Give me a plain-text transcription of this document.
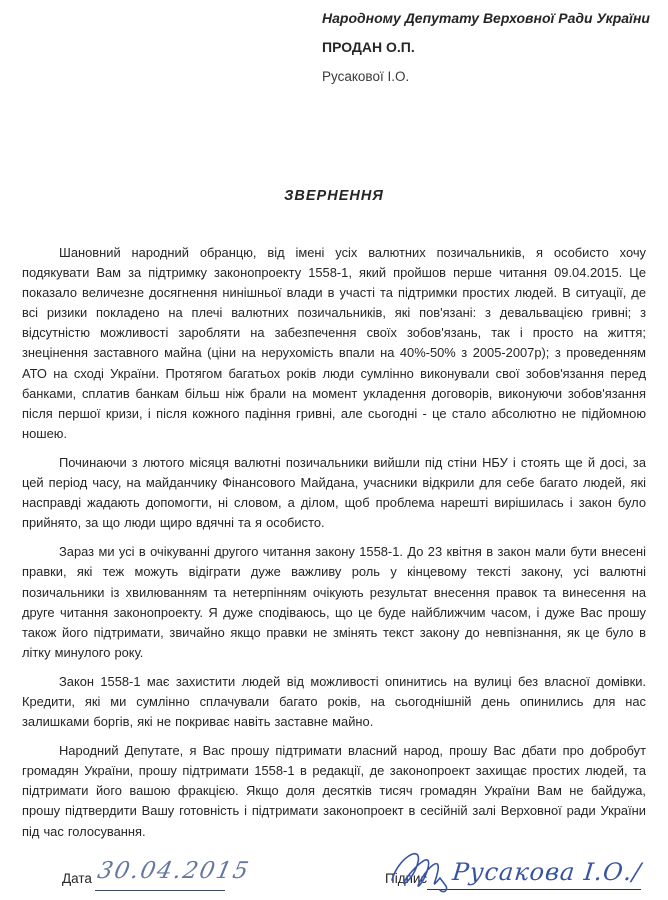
Народному Депутату Верховної Ради України
ПРОДАН О.П.
Русакової І.О.
ЗВЕРНЕННЯ

Шановний народний обранцю, від імені усіх валютних позичальників, я особисто хочу подякувати Вам за підтримку законопроекту 1558-1, який пройшов перше читання 09.04.2015. Це показало величезне досягнення нинішньої влади в участі та підтримки простих людей. В ситуації, де всі ризики покладено на плечі валютних позичальників, які пов'язані: з девальвацією гривні; з відсутністю можливості заробляти на забезпечення своїх зобов'язань, так і просто на життя; знецінення заставного майна (ціни на нерухомість впали на 40%-50% з 2005-2007р); з проведенням АТО на сході України. Протягом багатьох років люди сумлінно виконували свої зобов'язання перед банками, сплатив банкам більш ніж брали на момент укладення договорів, виконуючи зобов'язання після першої кризи, і після кожного падіння гривні, але сьогодні - це стало абсолютно не підйомною ношею.

Починаючи з лютого місяця валютні позичальники вийшли під стіни НБУ і стоять ще й досі, за цей період часу, на майданчику Фінансового Майдана, учасники відкрили для себе багато людей, які насправді жадають допомогти, ні словом, а ділом, щоб проблема нарешті вирішилась і закон було прийнято, за що люди щиро вдячні та я особисто.

Зараз ми усі в очікуванні другого читання закону 1558-1. До 23 квітня в закон мали бути внесені правки, які теж можуть відіграти дуже важливу роль у кінцевому тексті закону, усі валютні позичальники із хвилюванням та нетерпінням очікують результат внесення правок та винесення на друге читання законопроекту. Я дуже сподіваюсь, що це буде найближчим часом, і дуже Вас прошу також його підтримати, звичайно якщо правки не змінять текст закону до невпізнання, як це було в літку минулого року.

Закон 1558-1 має захистити людей від можливості опинитись на вулиці без власної домівки. Кредити, які ми сумлінно сплачували багато років, на сьогоднішній день опинились для нас залишками боргів, які не покриває навіть заставне майно.

Народний Депутате, я Вас прошу підтримати власний народ, прошу Вас дбати про добробут громадян України, прошу підтримати 1558-1 в редакції, де законопроект захищає простих людей, та підтримати його вашою фракцією. Якщо доля десятків тисяч громадян України Вам не байдужа, прошу підтвердити Вашу готовність і підтримати законопроект в сесійній залі Верховної ради України під час голосування.

Дата 30.04.2015	Підпис Русакова І.О./
